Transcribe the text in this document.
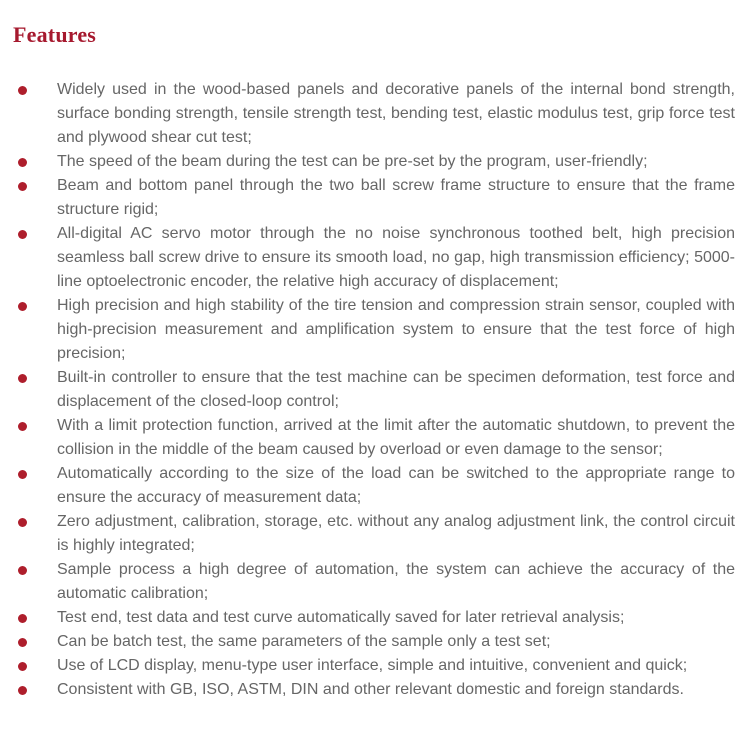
Features
Widely used in the wood-based panels and decorative panels of the internal bond strength, surface bonding strength, tensile strength test, bending test, elastic modulus test, grip force test and plywood shear cut test;
The speed of the beam during the test can be pre-set by the program, user-friendly;
Beam and bottom panel through the two ball screw frame structure to ensure that the frame structure rigid;
All-digital AC servo motor through the no noise synchronous toothed belt, high precision seamless ball screw drive to ensure its smooth load, no gap, high transmission efficiency; 5000-line optoelectronic encoder, the relative high accuracy of displacement;
High precision and high stability of the tire tension and compression strain sensor, coupled with high-precision measurement and amplification system to ensure that the test force of high precision;
Built-in controller to ensure that the test machine can be specimen deformation, test force and displacement of the closed-loop control;
With a limit protection function, arrived at the limit after the automatic shutdown, to prevent the collision in the middle of the beam caused by overload or even damage to the sensor;
Automatically according to the size of the load can be switched to the appropriate range to ensure the accuracy of measurement data;
Zero adjustment, calibration, storage, etc. without any analog adjustment link, the control circuit is highly integrated;
Sample process a high degree of automation, the system can achieve the accuracy of the automatic calibration;
Test end, test data and test curve automatically saved for later retrieval analysis;
Can be batch test, the same parameters of the sample only a test set;
Use of LCD display, menu-type user interface, simple and intuitive, convenient and quick;
Consistent with GB, ISO, ASTM, DIN and other relevant domestic and foreign standards.
